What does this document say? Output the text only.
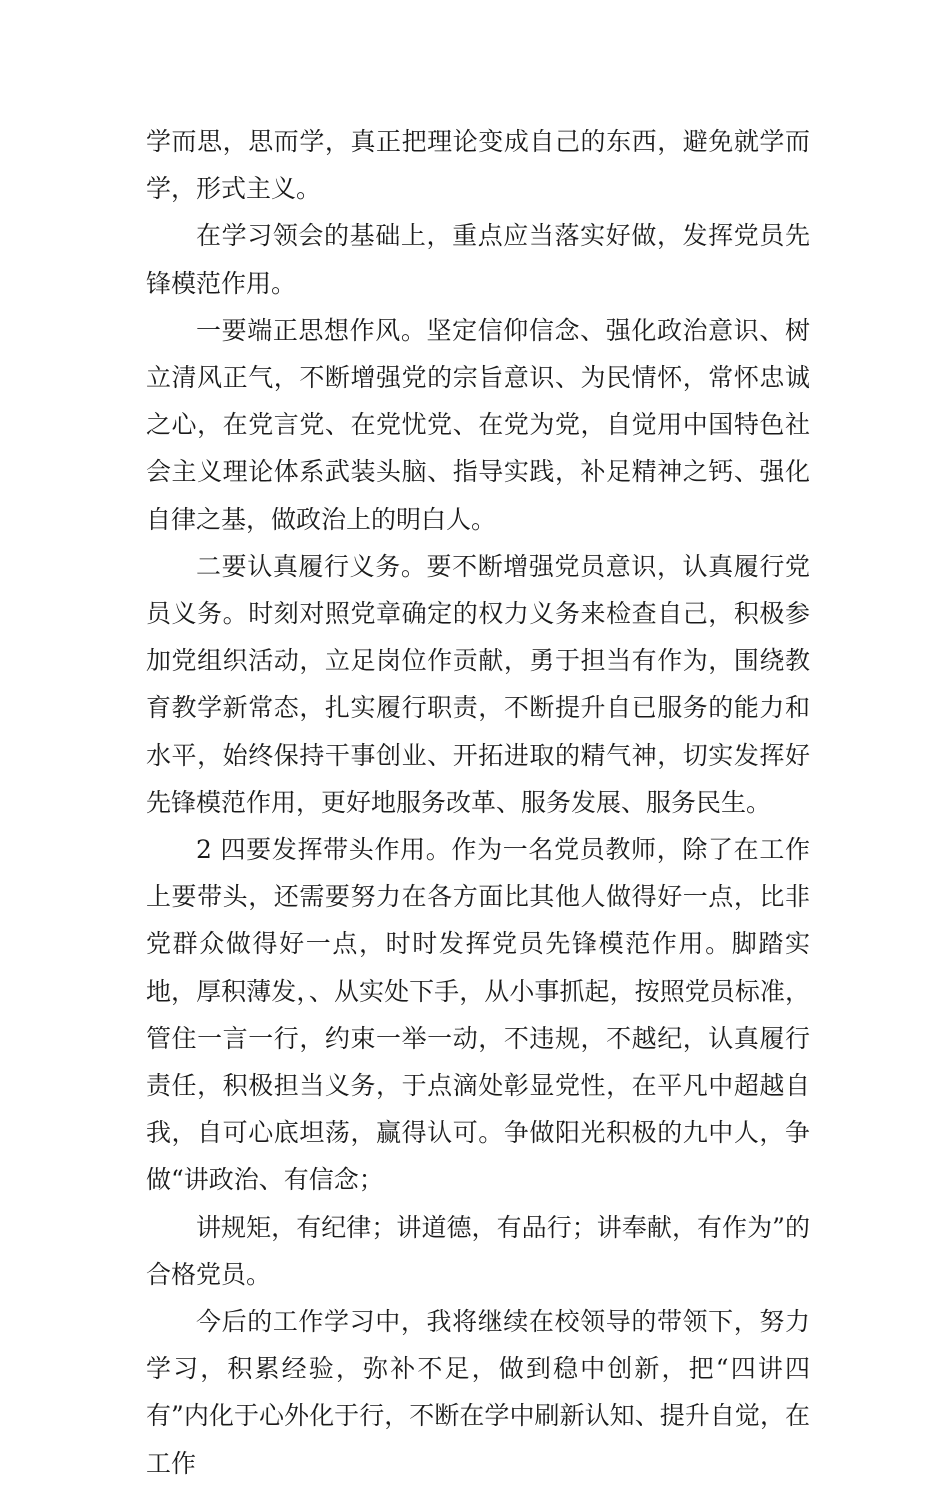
学而思，思而学，真正把理论变成自己的东西，避免就学而学，形式主义。

在学习领会的基础上，重点应当落实好做，发挥党员先锋模范作用。

一要端正思想作风。坚定信仰信念、强化政治意识、树立清风正气，不断增强党的宗旨意识、为民情怀，常怀忠诚之心，在党言党、在党忧党、在党为党，自觉用中国特色社会主义理论体系武装头脑、指导实践，补足精神之钙、强化自律之基，做政治上的明白人。

二要认真履行义务。要不断增强党员意识，认真履行党员义务。时刻对照党章确定的权力义务来检查自己，积极参加党组织活动，立足岗位作贡献，勇于担当有作为，围绕教育教学新常态，扎实履行职责，不断提升自已服务的能力和水平，始终保持干事创业、开拓进取的精气神，切实发挥好先锋模范作用，更好地服务改革、服务发展、服务民生。

2 四要发挥带头作用。作为一名党员教师，除了在工作上要带头，还需要努力在各方面比其他人做得好一点，比非党群众做得好一点，时时发挥党员先锋模范作用。脚踏实地，厚积薄发，、从实处下手，从小事抓起，按照党员标准，管住一言一行，约束一举一动，不违规，不越纪，认真履行责任，积极担当义务，于点滴处彰显党性，在平凡中超越自我，自可心底坦荡，赢得认可。争做阳光积极的九中人，争做“讲政治、有信念；

讲规矩，有纪律；讲道德，有品行；讲奉献，有作为”的合格党员。

今后的工作学习中，我将继续在校领导的带领下，努力学习，积累经验，弥补不足，做到稳中创新，把“四讲四有”内化于心外化于行，不断在学中刷新认知、提升自觉，在工作
